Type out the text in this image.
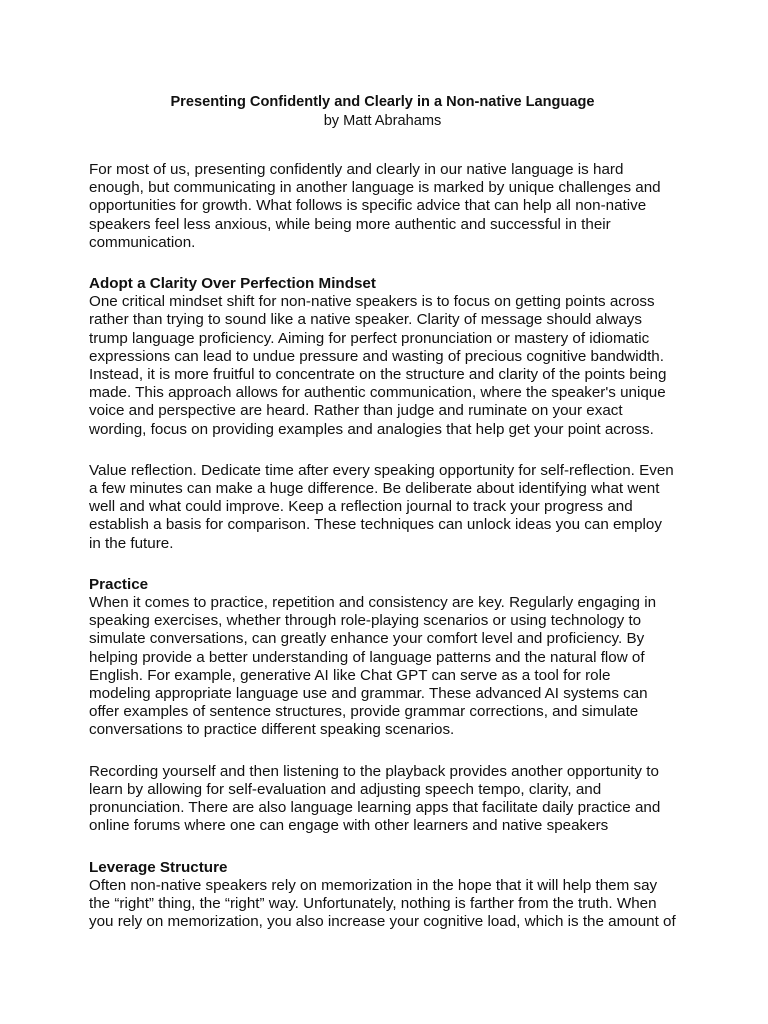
Presenting Confidently and Clearly in a Non-native Language
by Matt Abrahams

For most of us, presenting confidently and clearly in our native language is hard enough, but communicating in another language is marked by unique challenges and opportunities for growth. What follows is specific advice that can help all non-native speakers feel less anxious, while being more authentic and successful in their communication.

Adopt a Clarity Over Perfection Mindset
One critical mindset shift for non-native speakers is to focus on getting points across rather than trying to sound like a native speaker. Clarity of message should always trump language proficiency. Aiming for perfect pronunciation or mastery of idiomatic expressions can lead to undue pressure and wasting of precious cognitive bandwidth. Instead, it is more fruitful to concentrate on the structure and clarity of the points being made. This approach allows for authentic communication, where the speaker's unique voice and perspective are heard. Rather than judge and ruminate on your exact wording, focus on providing examples and analogies that help get your point across.

Value reflection. Dedicate time after every speaking opportunity for self-reflection. Even a few minutes can make a huge difference. Be deliberate about identifying what went well and what could improve. Keep a reflection journal to track your progress and establish a basis for comparison. These techniques can unlock ideas you can employ in the future.

Practice
When it comes to practice, repetition and consistency are key. Regularly engaging in speaking exercises, whether through role-playing scenarios or using technology to simulate conversations, can greatly enhance your comfort level and proficiency. By helping provide a better understanding of language patterns and the natural flow of English. For example, generative AI like Chat GPT can serve as a tool for role modeling appropriate language use and grammar. These advanced AI systems can offer examples of sentence structures, provide grammar corrections, and simulate conversations to practice different speaking scenarios.

Recording yourself and then listening to the playback provides another opportunity to learn by allowing for self-evaluation and adjusting speech tempo, clarity, and pronunciation. There are also language learning apps that facilitate daily practice and online forums where one can engage with other learners and native speakers

Leverage Structure
Often non-native speakers rely on memorization in the hope that it will help them say the “right” thing, the “right” way. Unfortunately, nothing is farther from the truth. When you rely on memorization, you also increase your cognitive load, which is the amount of
